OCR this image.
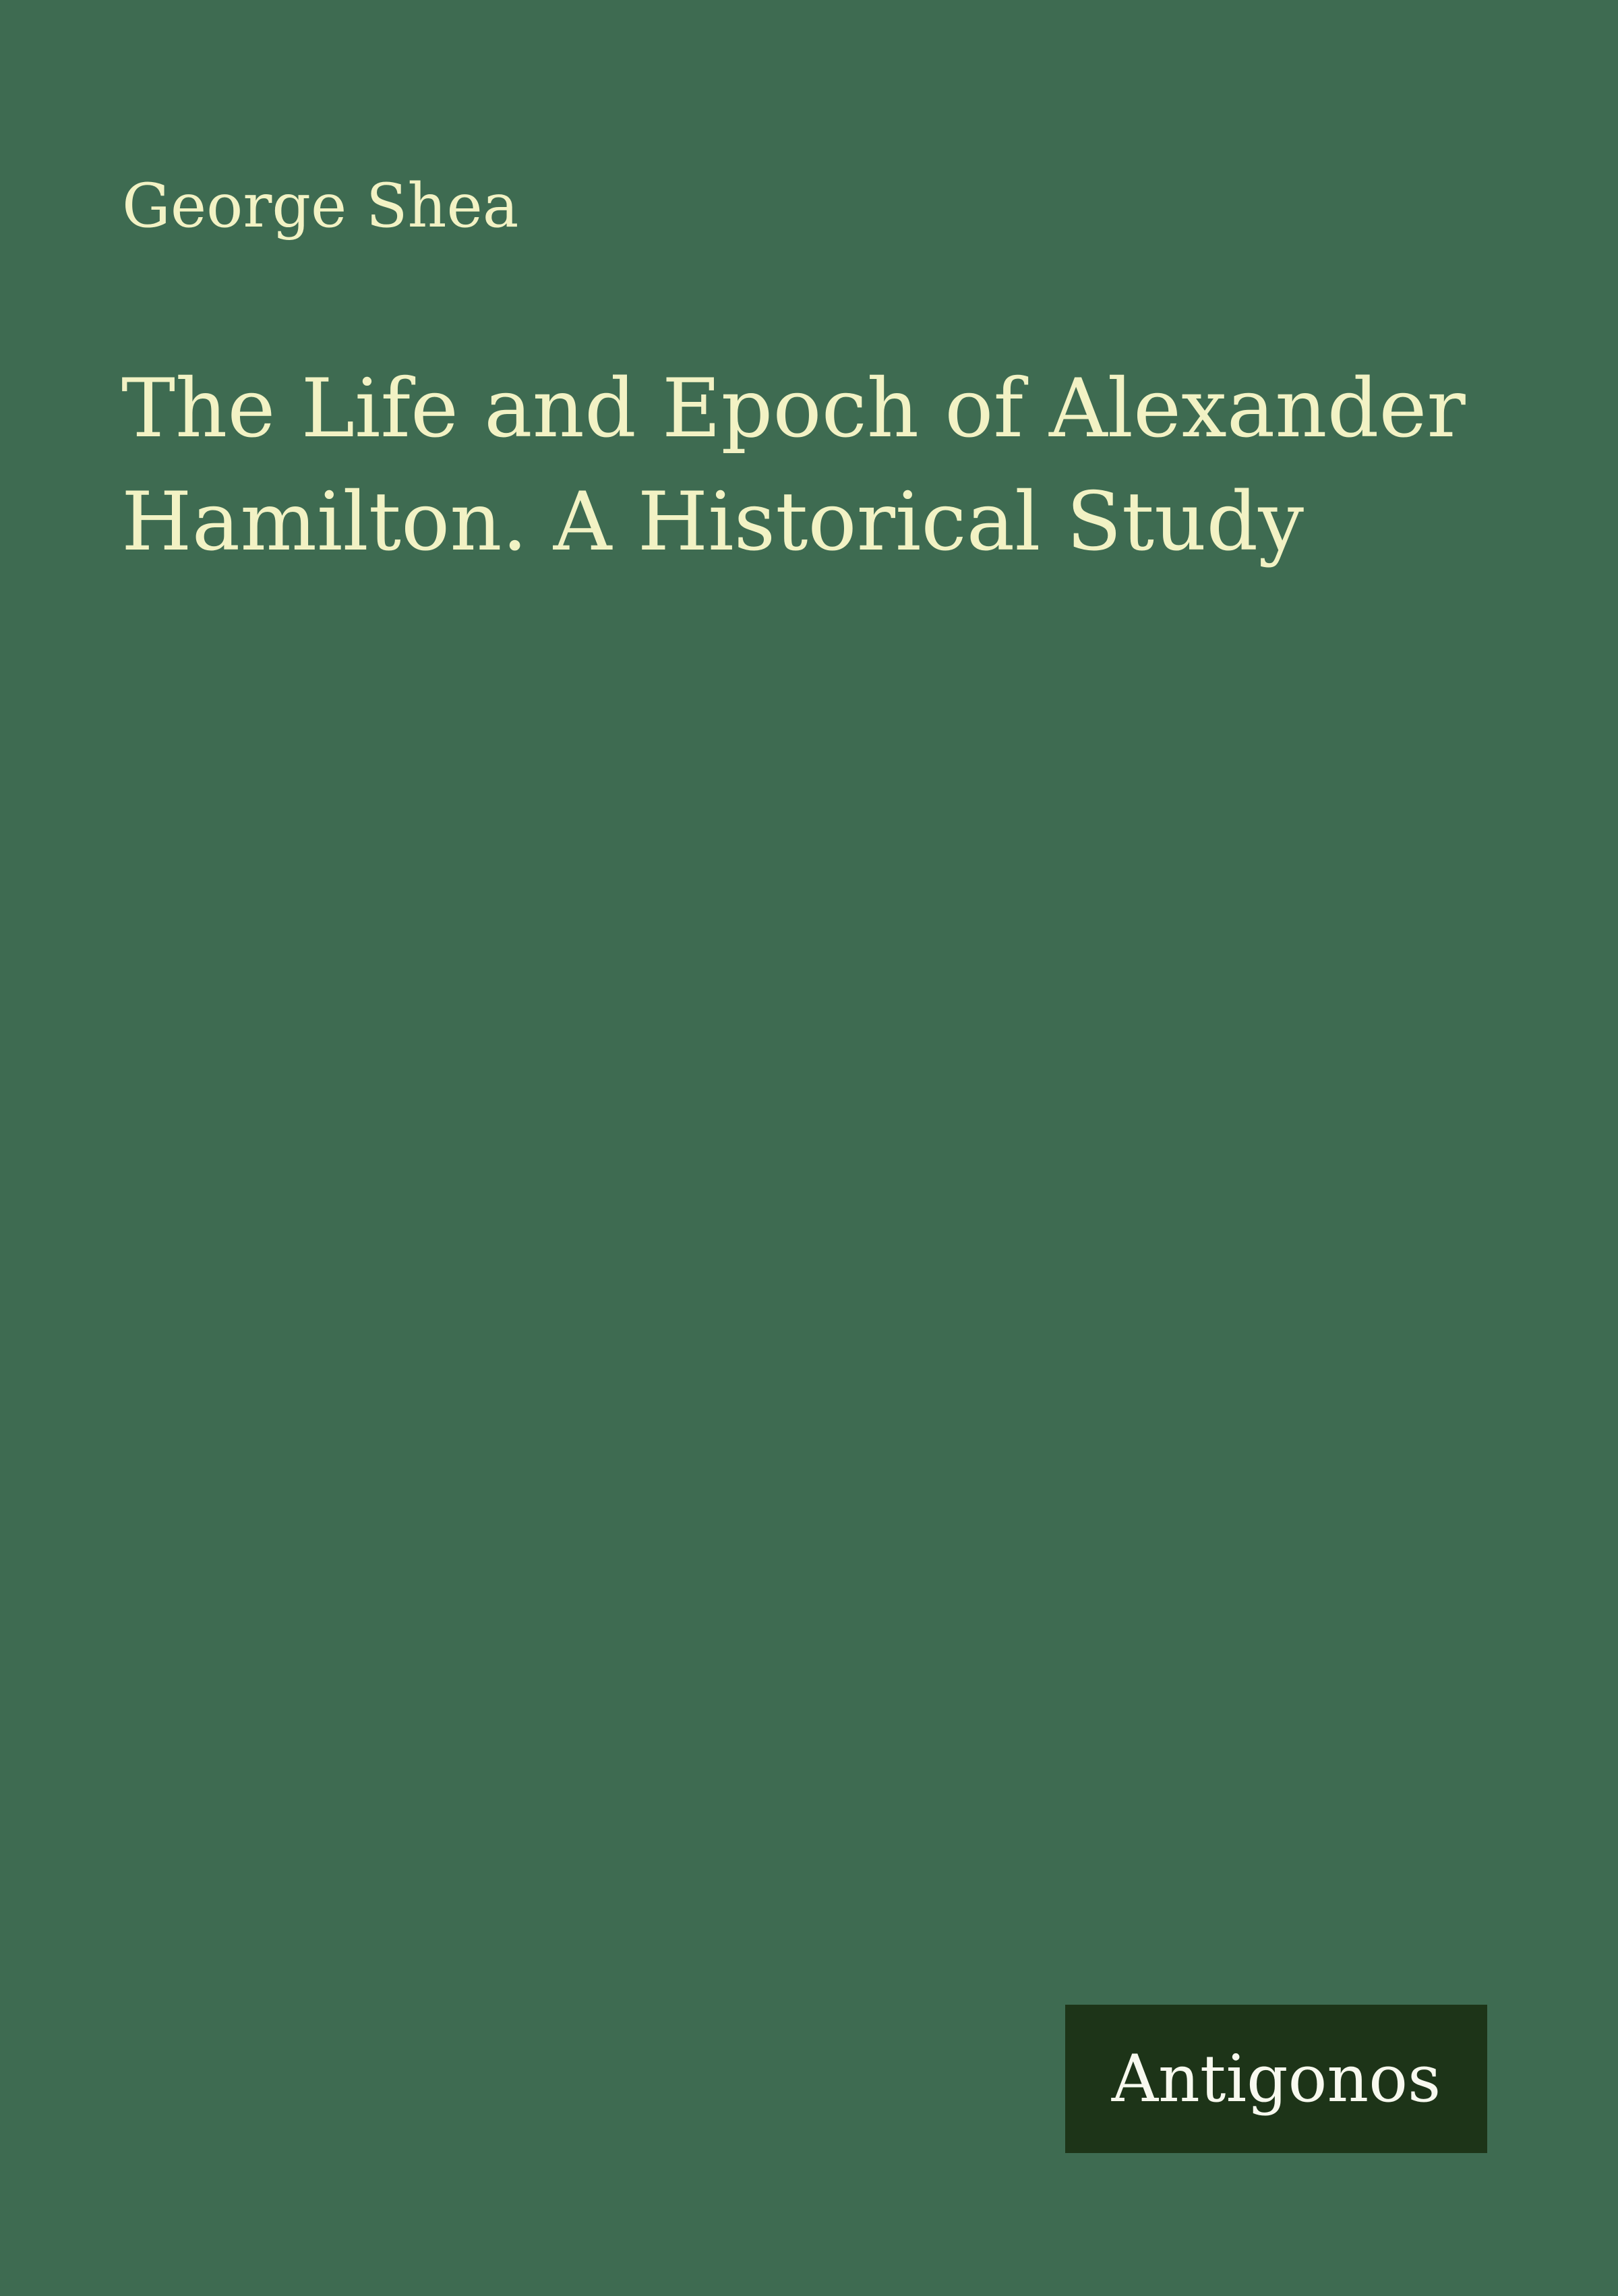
George Shea
The Life and Epoch of Alexander
Hamilton. A Historical Study
Antigonos
